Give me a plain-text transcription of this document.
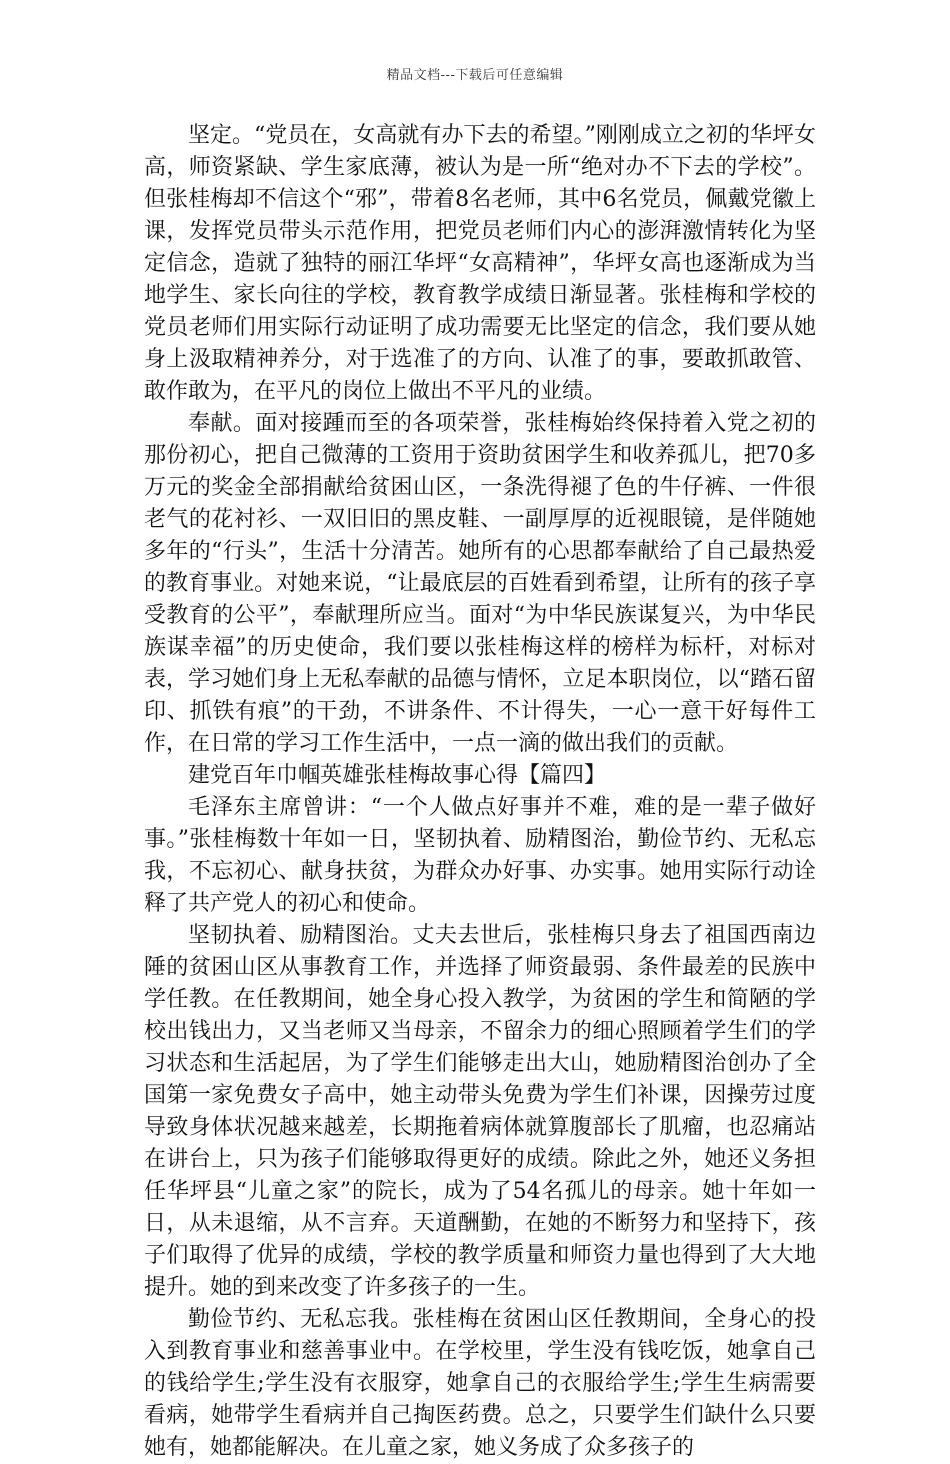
精品文档---下载后可任意编辑

坚定。“党员在，女高就有办下去的希望。”刚刚成立之初的华坪女高，师资紧缺、学生家底薄，被认为是一所“绝对办不下去的学校”。但张桂梅却不信这个“邪”，带着8名老师，其中6名党员，佩戴党徽上课，发挥党员带头示范作用，把党员老师们内心的澎湃激情转化为坚定信念，造就了独特的丽江华坪“女高精神”，华坪女高也逐渐成为当地学生、家长向往的学校，教育教学成绩日渐显著。张桂梅和学校的党员老师们用实际行动证明了成功需要无比坚定的信念，我们要从她身上汲取精神养分，对于选准了的方向、认准了的事，要敢抓敢管、敢作敢为，在平凡的岗位上做出不平凡的业绩。

奉献。面对接踵而至的各项荣誉，张桂梅始终保持着入党之初的那份初心，把自己微薄的工资用于资助贫困学生和收养孤儿，把70多万元的奖金全部捐献给贫困山区，一条洗得褪了色的牛仔裤、一件很老气的花衬衫、一双旧旧的黑皮鞋、一副厚厚的近视眼镜，是伴随她多年的“行头”，生活十分清苦。她所有的心思都奉献给了自己最热爱的教育事业。对她来说，“让最底层的百姓看到希望，让所有的孩子享受教育的公平”，奉献理所应当。面对“为中华民族谋复兴，为中华民族谋幸福”的历史使命，我们要以张桂梅这样的榜样为标杆，对标对表，学习她们身上无私奉献的品德与情怀，立足本职岗位，以“踏石留印、抓铁有痕”的干劲，不讲条件、不计得失，一心一意干好每件工作，在日常的学习工作生活中，一点一滴的做出我们的贡献。

建党百年巾帼英雄张桂梅故事心得【篇四】

毛泽东主席曾讲：“一个人做点好事并不难，难的是一辈子做好事。”张桂梅数十年如一日，坚韧执着、励精图治，勤俭节约、无私忘我，不忘初心、献身扶贫，为群众办好事、办实事。她用实际行动诠释了共产党人的初心和使命。

坚韧执着、励精图治。丈夫去世后，张桂梅只身去了祖国西南边陲的贫困山区从事教育工作，并选择了师资最弱、条件最差的民族中学任教。在任教期间，她全身心投入教学，为贫困的学生和简陋的学校出钱出力，又当老师又当母亲，不留余力的细心照顾着学生们的学习状态和生活起居，为了学生们能够走出大山，她励精图治创办了全国第一家免费女子高中，她主动带头免费为学生们补课，因操劳过度导致身体状况越来越差，长期拖着病体就算腹部长了肌瘤，也忍痛站在讲台上，只为孩子们能够取得更好的成绩。除此之外，她还义务担任华坪县“儿童之家”的院长，成为了54名孤儿的母亲。她十年如一日，从未退缩，从不言弃。天道酬勤，在她的不断努力和坚持下，孩子们取得了优异的成绩，学校的教学质量和师资力量也得到了大大地提升。她的到来改变了许多孩子的一生。

勤俭节约、无私忘我。张桂梅在贫困山区任教期间，全身心的投入到教育事业和慈善事业中。在学校里，学生没有钱吃饭，她拿自己的钱给学生;学生没有衣服穿，她拿自己的衣服给学生;学生生病需要看病，她带学生看病并自己掏医药费。总之，只要学生们缺什么只要她有，她都能解决。在儿童之家，她义务成了众多孩子的
